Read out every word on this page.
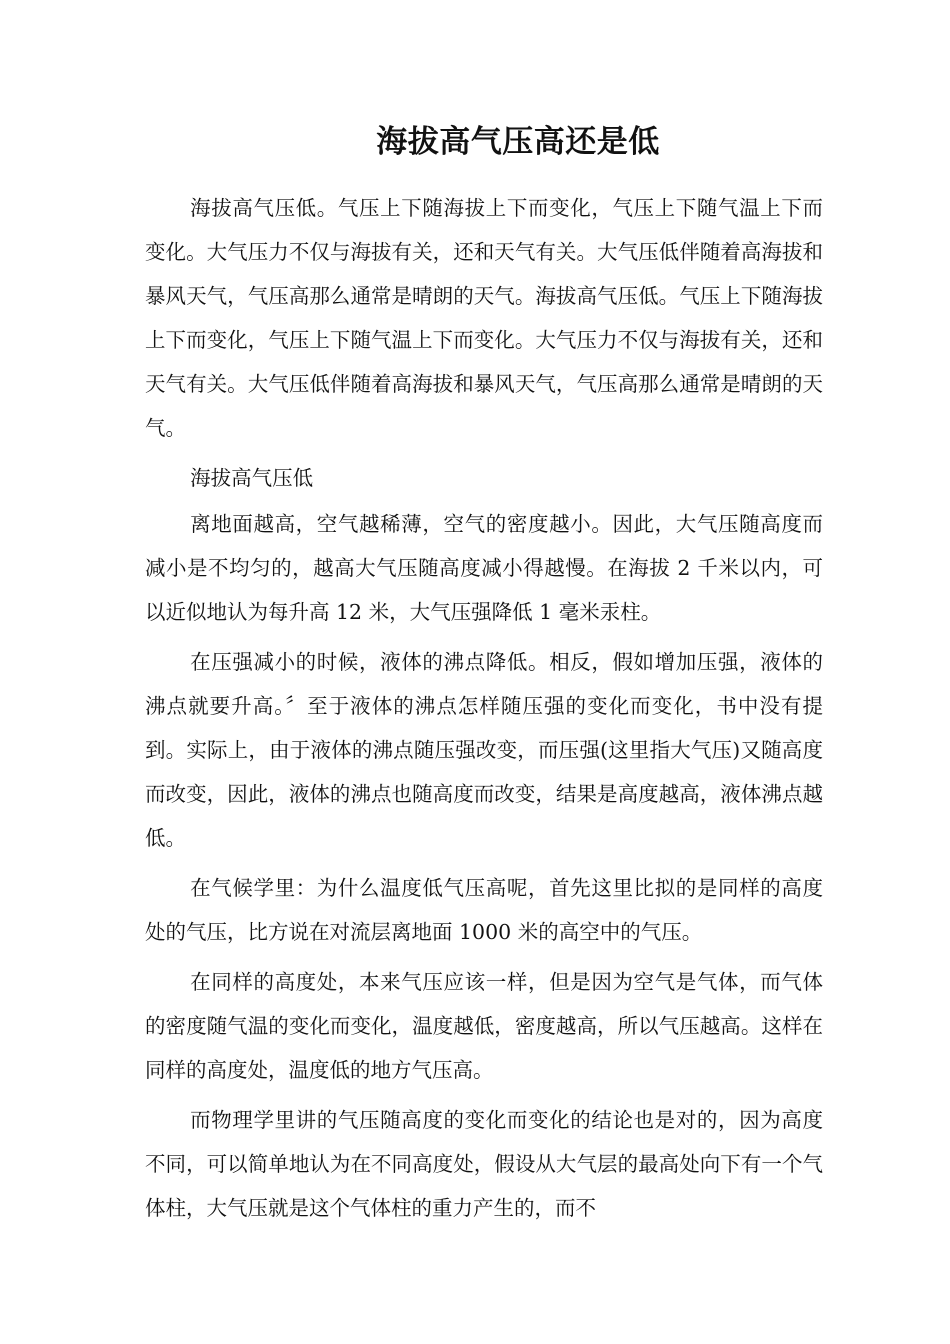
海拔高气压高还是低

海拔高气压低。气压上下随海拔上下而变化，气压上下随气温上下而变化。大气压力不仅与海拔有关，还和天气有关。大气压低伴随着高海拔和暴风天气，气压高那么通常是晴朗的天气。海拔高气压低。气压上下随海拔上下而变化，气压上下随气温上下而变化。大气压力不仅与海拔有关，还和天气有关。大气压低伴随着高海拔和暴风天气，气压高那么通常是晴朗的天气。

海拔高气压低

离地面越高，空气越稀薄，空气的密度越小。因此，大气压随高度而减小是不均匀的，越高大气压随高度减小得越慢。在海拔 2 千米以内，可以近似地认为每升高 12 米，大气压强降低 1 毫米汞柱。

在压强减小的时候，液体的沸点降低。相反，假如增加压强，液体的沸点就要升高。〞至于液体的沸点怎样随压强的变化而变化，书中没有提到。实际上，由于液体的沸点随压强改变，而压强(这里指大气压)又随高度而改变，因此，液体的沸点也随高度而改变，结果是高度越高，液体沸点越低。

在气候学里：为什么温度低气压高呢，首先这里比拟的是同样的高度处的气压，比方说在对流层离地面 1000 米的高空中的气压。

在同样的高度处，本来气压应该一样，但是因为空气是气体，而气体的密度随气温的变化而变化，温度越低，密度越高，所以气压越高。这样在同样的高度处，温度低的地方气压高。

而物理学里讲的气压随高度的变化而变化的结论也是对的，因为高度不同，可以简单地认为在不同高度处，假设从大气层的最高处向下有一个气体柱，大气压就是这个气体柱的重力产生的，而不
